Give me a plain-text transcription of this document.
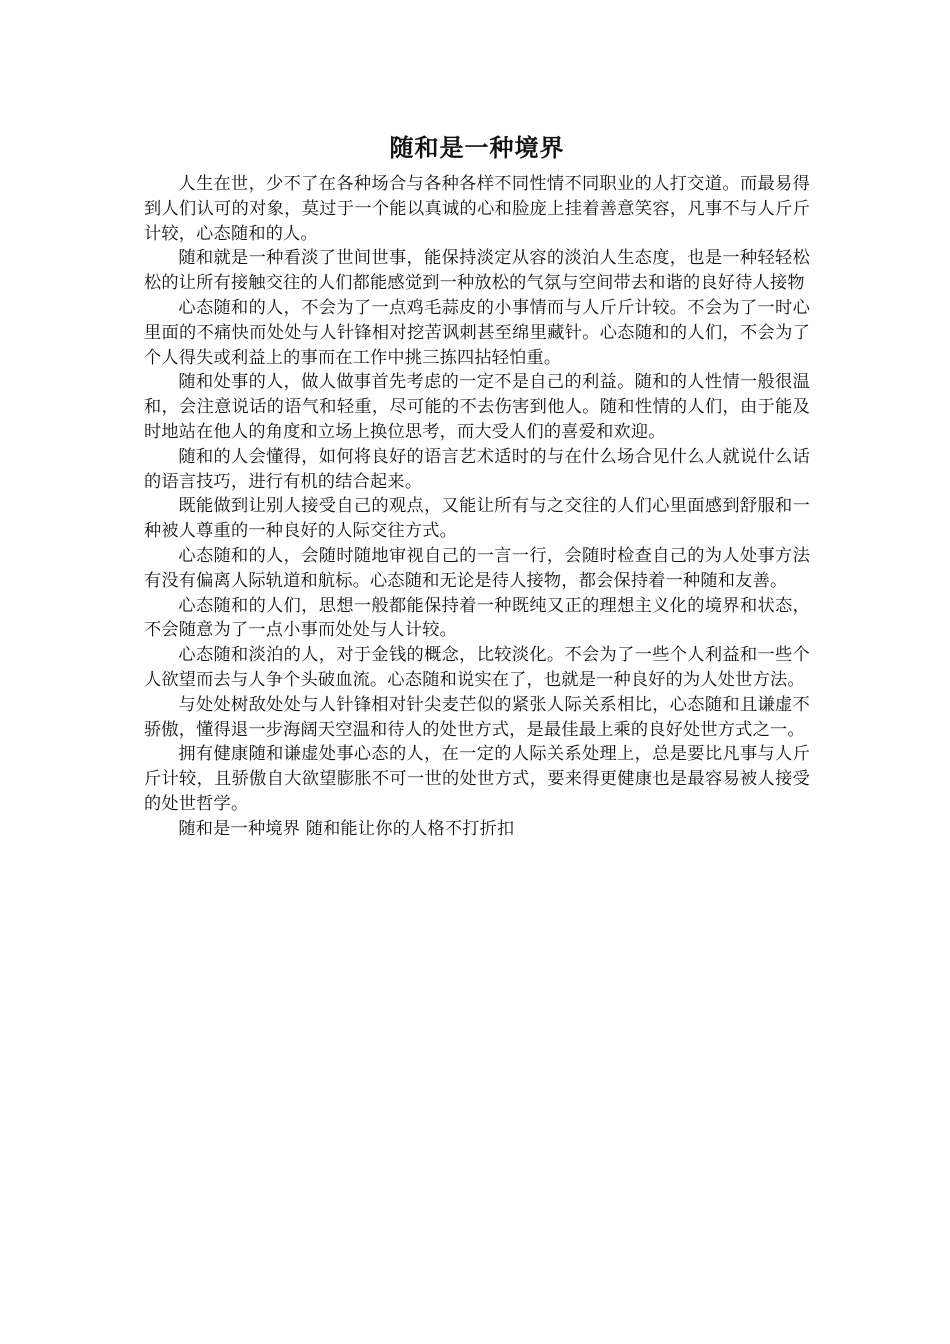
随和是一种境界

人生在世，少不了在各种场合与各种各样不同性情不同职业的人打交道。而最易得到人们认可的对象，莫过于一个能以真诚的心和脸庞上挂着善意笑容，凡事不与人斤斤计较，心态随和的人。

随和就是一种看淡了世间世事，能保持淡定从容的淡泊人生态度，也是一种轻轻松松的让所有接触交往的人们都能感觉到一种放松的气氛与空间带去和谐的良好待人接物

心态随和的人，不会为了一点鸡毛蒜皮的小事情而与人斤斤计较。不会为了一时心里面的不痛快而处处与人针锋相对挖苦讽刺甚至绵里藏针。心态随和的人们，不会为了个人得失或利益上的事而在工作中挑三拣四拈轻怕重。

随和处事的人，做人做事首先考虑的一定不是自己的利益。随和的人性情一般很温和，会注意说话的语气和轻重，尽可能的不去伤害到他人。随和性情的人们，由于能及时地站在他人的角度和立场上换位思考，而大受人们的喜爱和欢迎。

随和的人会懂得，如何将良好的语言艺术适时的与在什么场合见什么人就说什么话的语言技巧，进行有机的结合起来。

既能做到让别人接受自己的观点，又能让所有与之交往的人们心里面感到舒服和一种被人尊重的一种良好的人际交往方式。

心态随和的人，会随时随地审视自己的一言一行，会随时检查自己的为人处事方法有没有偏离人际轨道和航标。心态随和无论是待人接物，都会保持着一种随和友善。

心态随和的人们，思想一般都能保持着一种既纯又正的理想主义化的境界和状态，不会随意为了一点小事而处处与人计较。

心态随和淡泊的人，对于金钱的概念，比较淡化。不会为了一些个人利益和一些个人欲望而去与人争个头破血流。心态随和说实在了，也就是一种良好的为人处世方法。

与处处树敌处处与人针锋相对针尖麦芒似的紧张人际关系相比，心态随和且谦虚不骄傲，懂得退一步海阔天空温和待人的处世方式，是最佳最上乘的良好处世方式之一。

拥有健康随和谦虚处事心态的人，在一定的人际关系处理上，总是要比凡事与人斤斤计较，且骄傲自大欲望膨胀不可一世的处世方式，要来得更健康也是最容易被人接受的处世哲学。

随和是一种境界 随和能让你的人格不打折扣
